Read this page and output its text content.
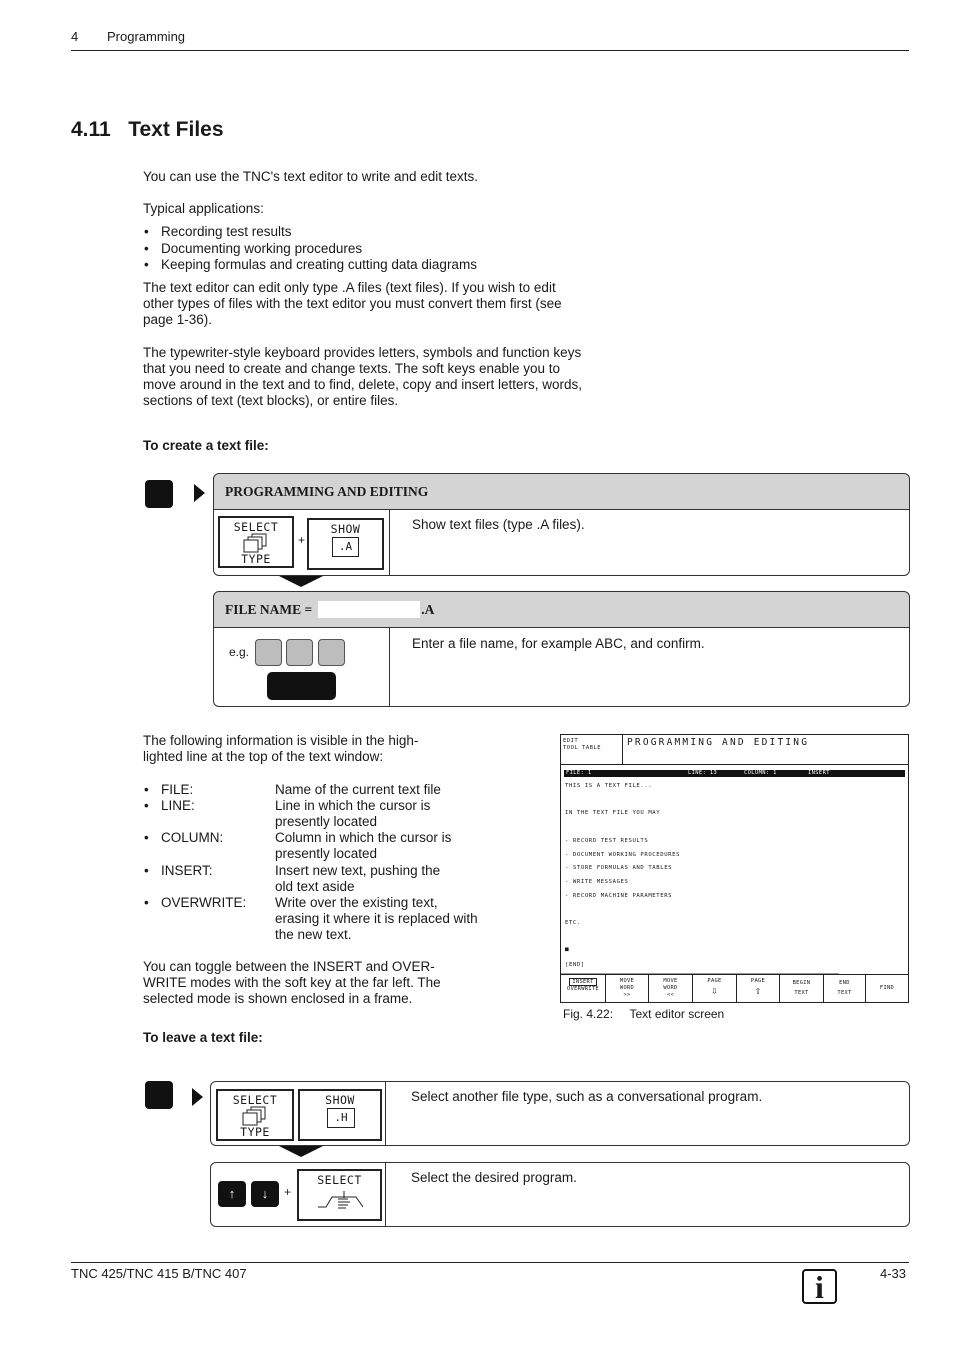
4 Programming
4.11   Text Files
You can use the TNC's text editor to write and edit texts.
Typical applications:
• Recording test results
• Documenting working procedures
• Keeping formulas and creating cutting data diagrams
The text editor can edit only type .A files (text files). If you wish to edit
other types of files with the text editor you must convert them first (see
page 1-36).
The typewriter-style keyboard provides letters, symbols and function keys
that you need to create and change texts. The soft keys enable you to
move around in the text and to find, delete, copy and insert letters, words,
sections of text (text blocks), or entire files.
To create a text file:
PROGRAMMING AND EDITING
SELECT
TYPE
+
SHOW
.A
Show text files (type .A files).
FILE NAME =	.A
e.g.
Enter a file name, for example ABC, and confirm.
The following information is visible in the high-
lighted line at the top of the text window:
• FILE:	Name of the current text file
• LINE:	Line in which the cursor is
presently located
• COLUMN:	Column in which the cursor is
presently located
• INSERT:	Insert new text, pushing the
old text aside
• OVERWRITE: Write over the existing text,
erasing it where it is replaced with
the new text.
You can toggle between the INSERT and OVER-
WRITE modes with the soft key at the far left. The
selected mode is shown enclosed in a frame.
EDIT
TOOL TABLE	PROGRAMMING AND EDITING
FILE: 1	LINE: 13	COLUMN: 1	INSERT
THIS IS A TEXT FILE...
IN THE TEXT FILE YOU MAY
- RECORD TEST RESULTS
- DOCUMENT WORKING PROCEDURES
- STORE FORMULAS AND TABLES
- WRITE MESSAGES
- RECORD MACHINE PARAMETERS
ETC.
■
[END]
INSERT
OVERWRITE
MOVE WORD
>>
MOVE WORD
<<
PAGE
⇩
PAGE
⇧
BEGIN
TEXT
END
TEXT
FIND
Fig. 4.22: Text editor screen
To leave a text file:
SELECT
TYPE
SHOW
.H
Select another file type, such as a conversational program.
↑	↓	+
SELECT	Select the desired program.
TNC 425/TNC 415 B/TNC 407	i	4-33
